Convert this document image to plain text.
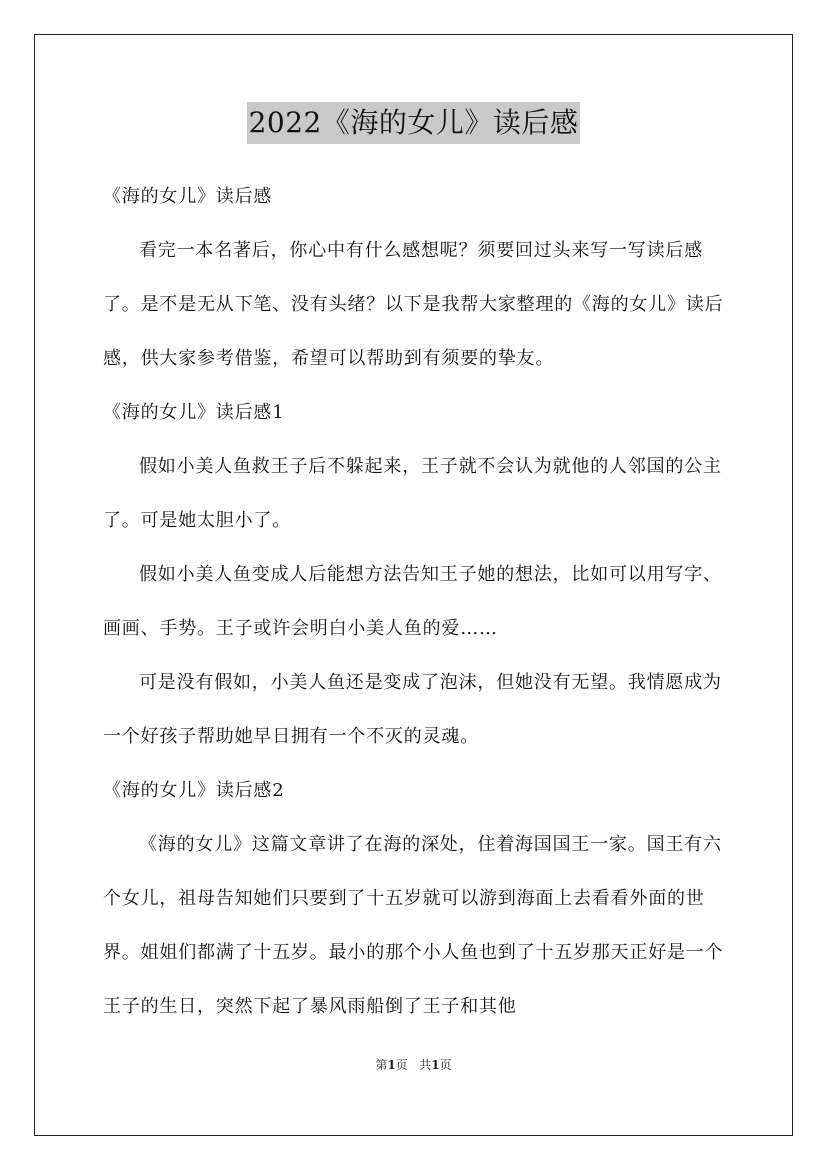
2022《海的女儿》读后感

《海的女儿》读后感

看完一本名著后，你心中有什么感想呢？须要回过头来写一写读后感了。是不是无从下笔、没有头绪？以下是我帮大家整理的《海的女儿》读后感，供大家参考借鉴，希望可以帮助到有须要的挚友。

《海的女儿》读后感1

假如小美人鱼救王子后不躲起来，王子就不会认为就他的人邻国的公主了。可是她太胆小了。

假如小美人鱼变成人后能想方法告知王子她的想法，比如可以用写字、画画、手势。王子或许会明白小美人鱼的爱……

可是没有假如，小美人鱼还是变成了泡沫，但她没有无望。我情愿成为一个好孩子帮助她早日拥有一个不灭的灵魂。

《海的女儿》读后感2

《海的女儿》这篇文章讲了在海的深处，住着海国国王一家。国王有六个女儿，祖母告知她们只要到了十五岁就可以游到海面上去看看外面的世界。姐姐们都满了十五岁。最小的那个小人鱼也到了十五岁那天正好是一个王子的生日，突然下起了暴风雨船倒了王子和其他

第1页 共1页
